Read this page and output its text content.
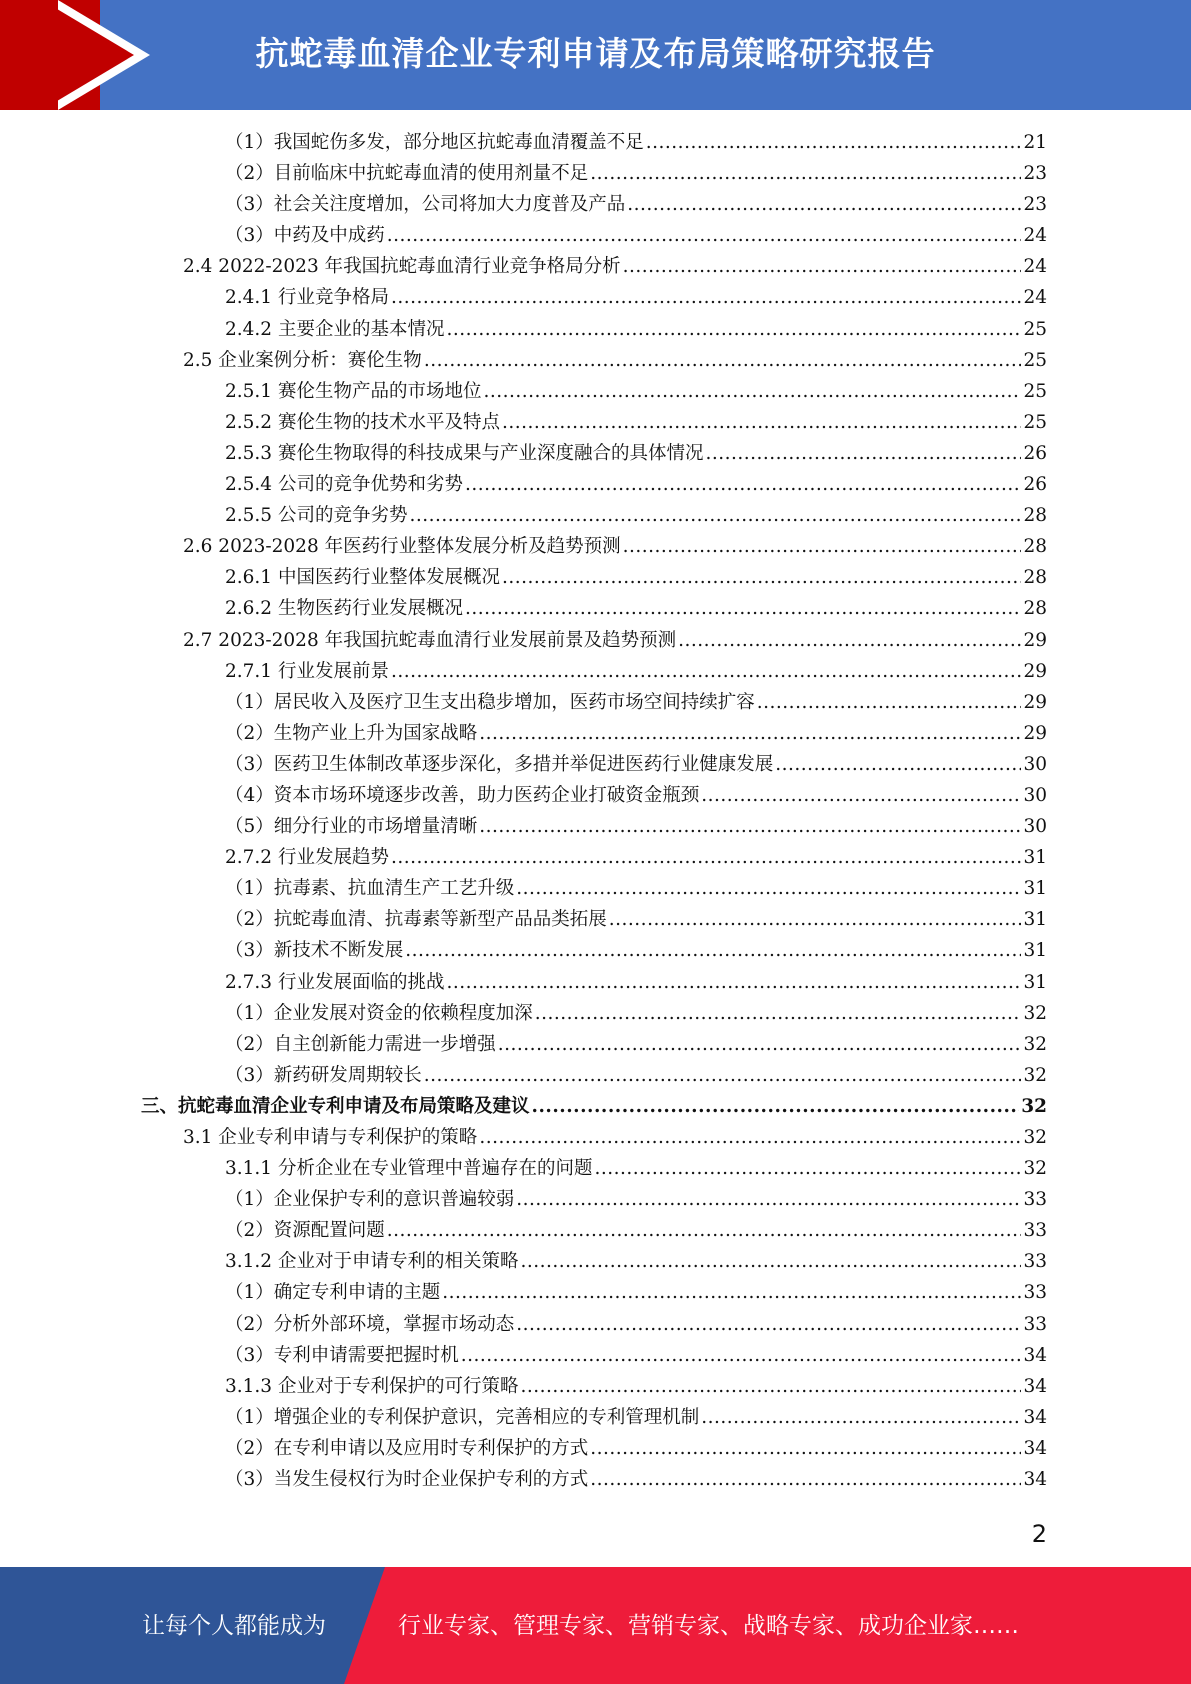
抗蛇毒血清企业专利申请及布局策略研究报告
（1）我国蛇伤多发，部分地区抗蛇毒血清覆盖不足 .....	21
（2）目前临床中抗蛇毒血清的使用剂量不足 .....	23
（3）社会关注度增加，公司将加大力度普及产品 .....	23
（3）中药及中成药 .....	24
2.4 2022-2023 年我国抗蛇毒血清行业竞争格局分析 .....	24
2.4.1 行业竞争格局 .....	24
2.4.2 主要企业的基本情况 .....	25
2.5 企业案例分析：赛伦生物 .....	25
2.5.1 赛伦生物产品的市场地位 .....	25
2.5.2 赛伦生物的技术水平及特点 .....	25
2.5.3 赛伦生物取得的科技成果与产业深度融合的具体情况 .....	26
2.5.4 公司的竞争优势和劣势 .....	26
2.5.5 公司的竞争劣势 .....	28
2.6 2023-2028 年医药行业整体发展分析及趋势预测 .....	28
2.6.1 中国医药行业整体发展概况 .....	28
2.6.2 生物医药行业发展概况 .....	28
2.7 2023-2028 年我国抗蛇毒血清行业发展前景及趋势预测 .....	29
2.7.1 行业发展前景 .....	29
（1）居民收入及医疗卫生支出稳步增加，医药市场空间持续扩容 .....	29
（2）生物产业上升为国家战略 .....	29
（3）医药卫生体制改革逐步深化，多措并举促进医药行业健康发展 .....	30
（4）资本市场环境逐步改善，助力医药企业打破资金瓶颈 .....	30
（5）细分行业的市场增量清晰 .....	30
2.7.2 行业发展趋势 .....	31
（1）抗毒素、抗血清生产工艺升级 .....	31
（2）抗蛇毒血清、抗毒素等新型产品品类拓展 .....	31
（3）新技术不断发展 .....	31
2.7.3 行业发展面临的挑战 .....	31
（1）企业发展对资金的依赖程度加深 .....	32
（2）自主创新能力需进一步增强 .....	32
（3）新药研发周期较长 .....	32
三、抗蛇毒血清企业专利申请及布局策略及建议 .....	32
3.1 企业专利申请与专利保护的策略 .....	32
3.1.1 分析企业在专业管理中普遍存在的问题 .....	32
（1）企业保护专利的意识普遍较弱 .....	33
（2）资源配置问题 .....	33
3.1.2 企业对于申请专利的相关策略 .....	33
（1）确定专利申请的主题 .....	33
（2）分析外部环境，掌握市场动态 .....	33
（3）专利申请需要把握时机 .....	34
3.1.3 企业对于专利保护的可行策略 .....	34
（1）增强企业的专利保护意识，完善相应的专利管理机制 .....	34
（2）在专利申请以及应用时专利保护的方式 .....	34
（3）当发生侵权行为时企业保护专利的方式 .....	34
2
让每个人都能成为	行业专家、管理专家、营销专家、战略专家、成功企业家……
